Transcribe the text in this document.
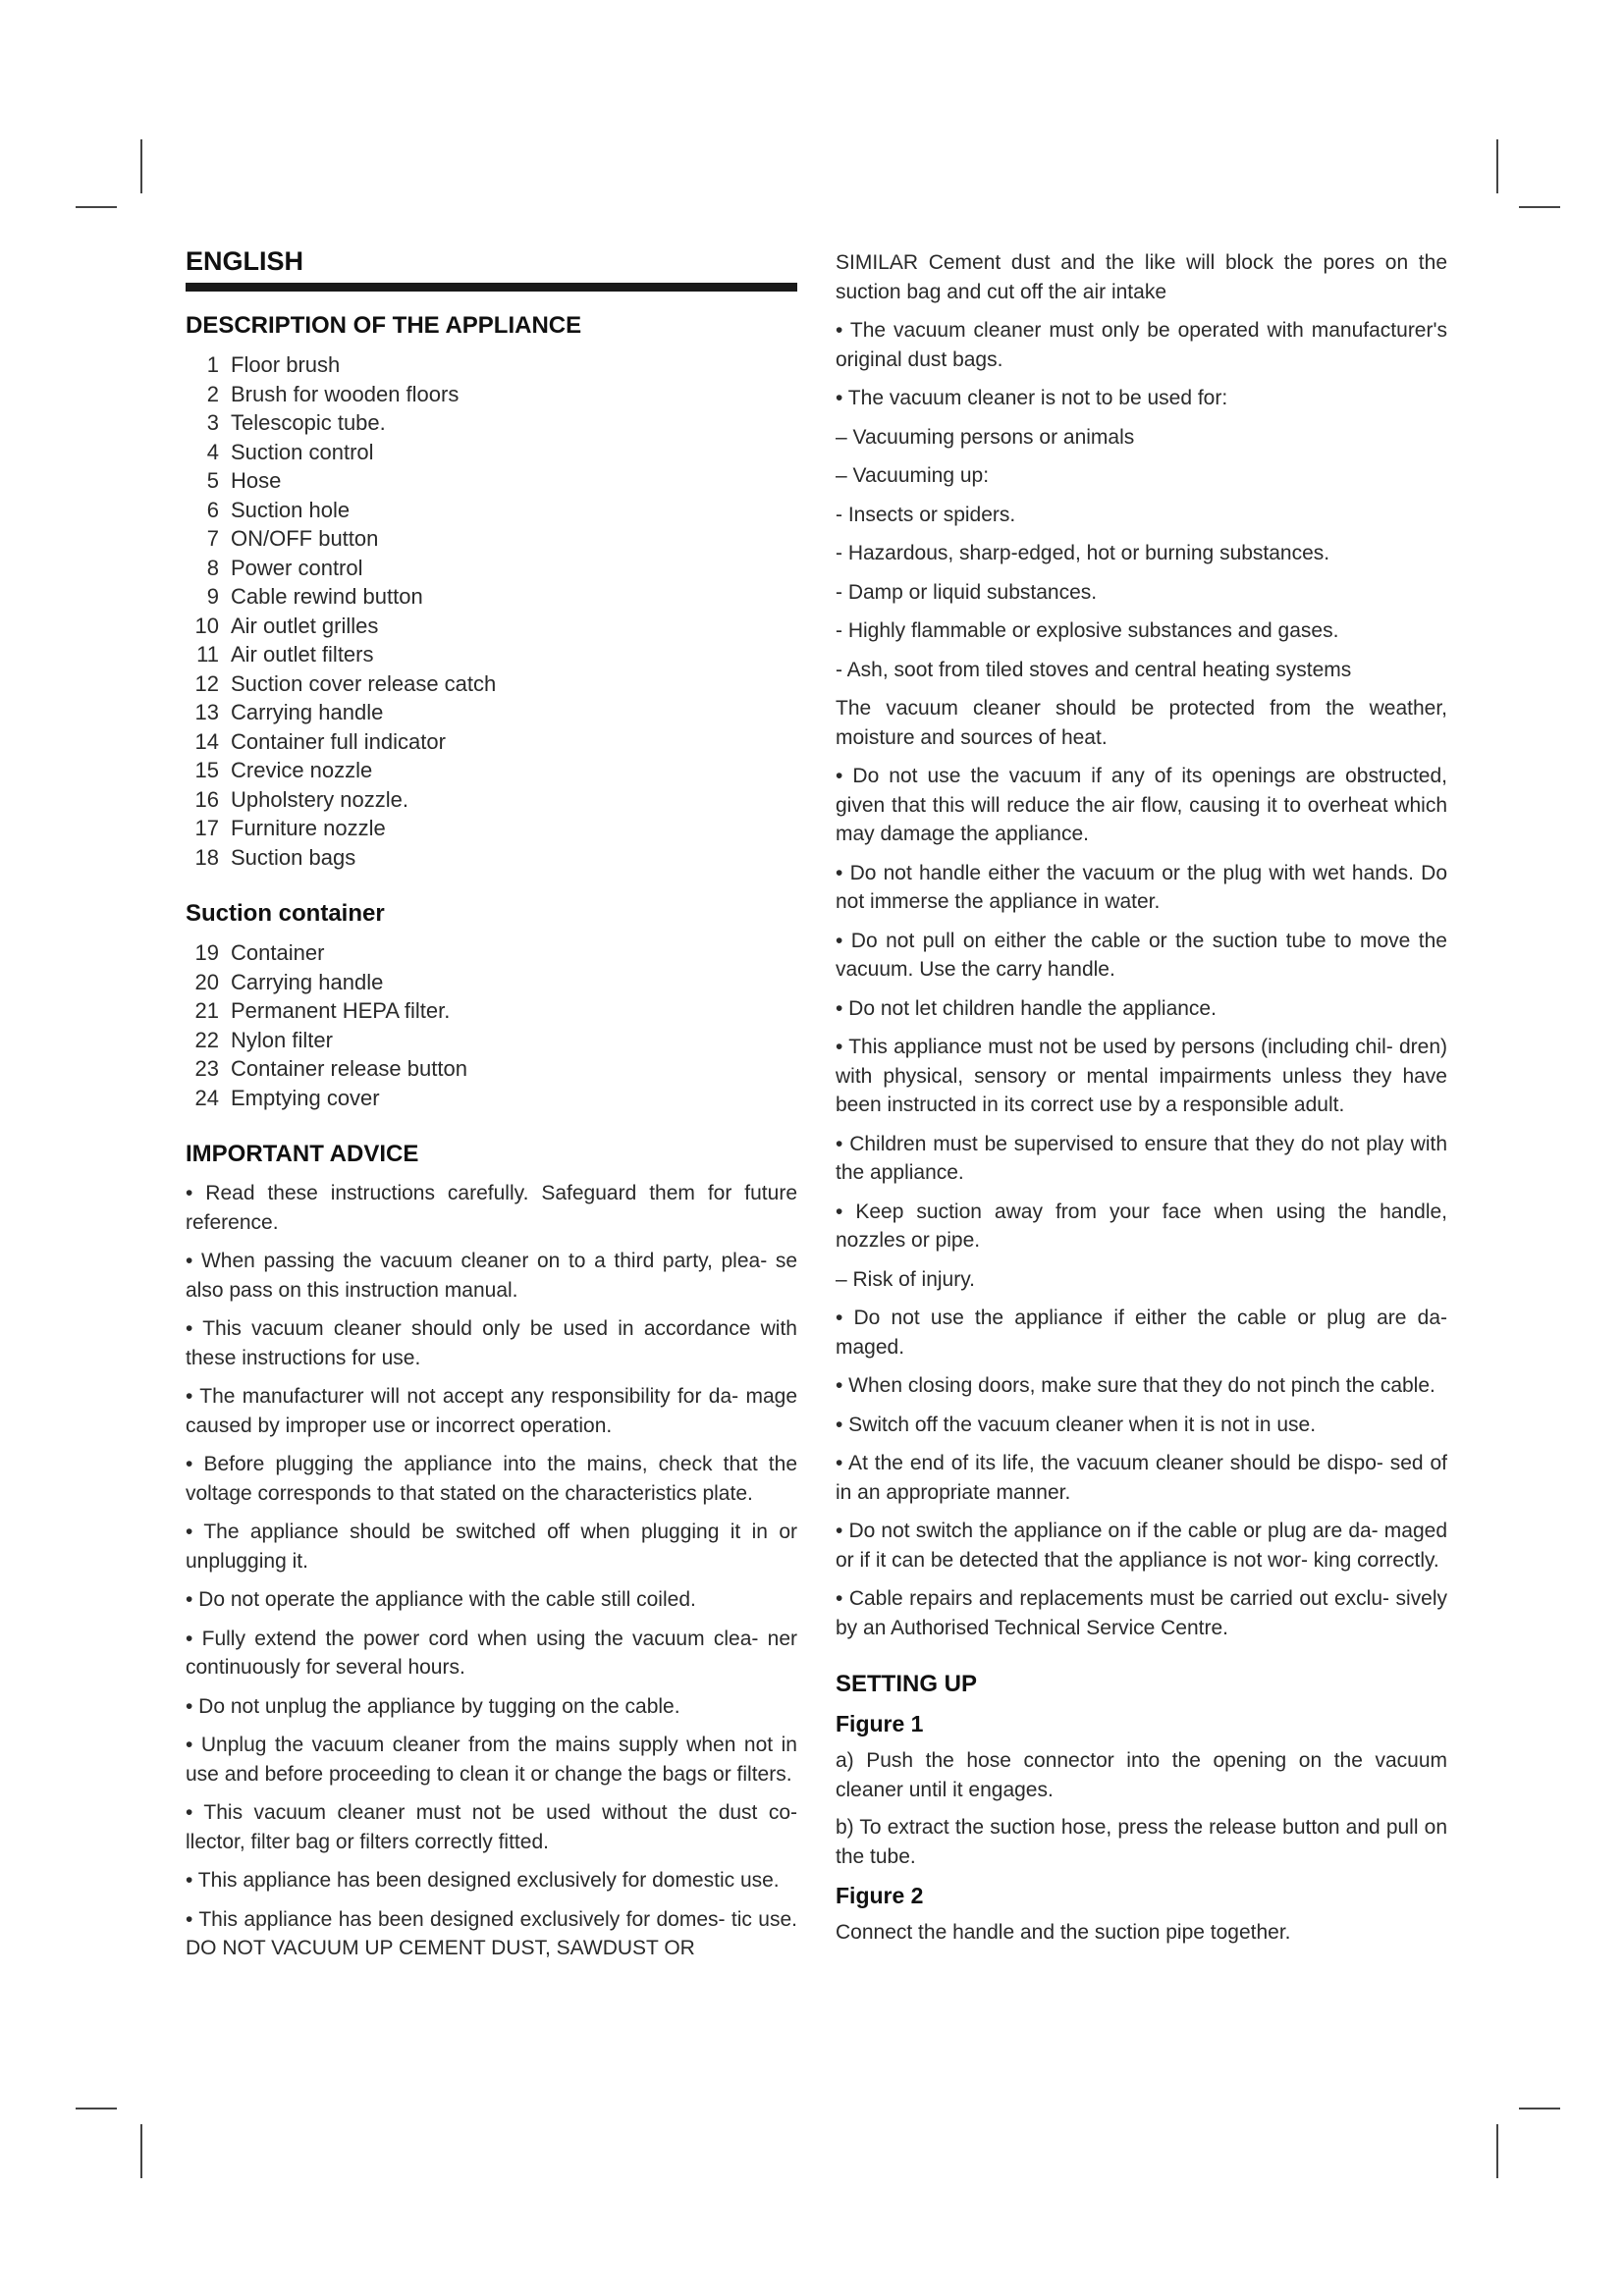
ENGLISH
DESCRIPTION OF THE APPLIANCE
1 Floor brush
2 Brush for wooden floors
3 Telescopic tube.
4 Suction control
5 Hose
6 Suction hole
7 ON/OFF button
8 Power control
9 Cable rewind button
10 Air outlet grilles
11 Air outlet filters
12 Suction cover release catch
13 Carrying handle
14 Container full indicator
15 Crevice nozzle
16 Upholstery nozzle.
17 Furniture nozzle
18 Suction bags
Suction container
19 Container
20 Carrying handle
21 Permanent HEPA filter.
22 Nylon filter
23 Container release button
24 Emptying cover
IMPORTANT ADVICE

• Read these instructions carefully. Safeguard them for future reference.

• When passing the vacuum cleaner on to a third party, plea- se also pass on this instruction manual.

• This vacuum cleaner should only be used in accordance with these instructions for use.

• The manufacturer will not accept any responsibility for da- mage caused by improper use or incorrect operation.

• Before plugging the appliance into the mains, check that the voltage corresponds to that stated on the characteristics plate.

• The appliance should be switched off when plugging it in or unplugging it.

• Do not operate the appliance with the cable still coiled.

• Fully extend the power cord when using the vacuum clea- ner continuously for several hours.

• Do not unplug the appliance by tugging on the cable.

• Unplug the vacuum cleaner from the mains supply when not in use and before proceeding to clean it or change the bags or filters.

• This vacuum cleaner must not be used without the dust co- llector, filter bag or filters correctly fitted.

• This appliance has been designed exclusively for domestic use.

• This appliance has been designed exclusively for domes- tic use. DO NOT VACUUM UP CEMENT DUST, SAWDUST OR

SIMILAR Cement dust and the like will block the pores on the suction bag and cut off the air intake

• The vacuum cleaner must only be operated with manufacturer's original dust bags.

• The vacuum cleaner is not to be used for:

– Vacuuming persons or animals

– Vacuuming up:

- Insects or spiders.

- Hazardous, sharp-edged, hot or burning substances.

- Damp or liquid substances.

- Highly flammable or explosive substances and gases.

- Ash, soot from tiled stoves and central heating systems

The vacuum cleaner should be protected from the weather, moisture and sources of heat.

• Do not use the vacuum if any of its openings are obstructed, given that this will reduce the air flow, causing it to overheat which may damage the appliance.

• Do not handle either the vacuum or the plug with wet hands. Do not immerse the appliance in water.

• Do not pull on either the cable or the suction tube to move the vacuum. Use the carry handle.

• Do not let children handle the appliance.

• This appliance must not be used by persons (including chil- dren) with physical, sensory or mental impairments unless they have been instructed in its correct use by a responsible adult.

• Children must be supervised to ensure that they do not play with the appliance.

• Keep suction away from your face when using the handle, nozzles or pipe.

– Risk of injury.

• Do not use the appliance if either the cable or plug are da- maged.

• When closing doors, make sure that they do not pinch the cable.

• Switch off the vacuum cleaner when it is not in use.

• At the end of its life, the vacuum cleaner should be dispo- sed of in an appropriate manner.

• Do not switch the appliance on if the cable or plug are da- maged or if it can be detected that the appliance is not wor- king correctly.

• Cable repairs and replacements must be carried out exclu- sively by an Authorised Technical Service Centre.

SETTING UP
Figure 1

a) Push the hose connector into the opening on the vacuum cleaner until it engages.

b) To extract the suction hose, press the release button and pull on the tube.

Figure 2

Connect the handle and the suction pipe together.
